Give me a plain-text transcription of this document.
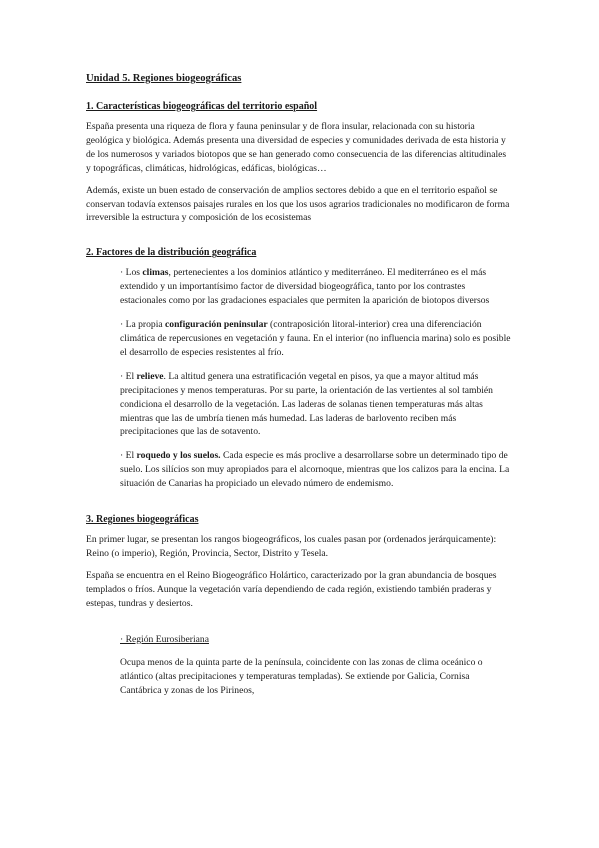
Unidad 5. Regiones biogeográficas
1. Características biogeográficas del territorio español

España presenta una riqueza de flora y fauna peninsular y de flora insular, relacionada con su historia geológica y biológica. Además presenta una diversidad de especies y comunidades derivada de esta historia y de los numerosos y variados biotopos que se han generado como consecuencia de las diferencias altitudinales y topográficas, climáticas, hidrológicas, edáficas, biológicas…

Además, existe un buen estado de conservación de amplios sectores debido a que en el territorio español se conservan todavía extensos paisajes rurales en los que los usos agrarios tradicionales no modificaron de forma irreversible la estructura y composición de los ecosistemas

2. Factores de la distribución geográfica

· Los climas, pertenecientes a los dominios atlántico y mediterráneo. El mediterráneo es el más extendido y un importantísimo factor de diversidad biogeográfica, tanto por los contrastes estacionales como por las gradaciones espaciales que permiten la aparición de biotopos diversos

· La propia configuración peninsular (contraposición litoral-interior) crea una diferenciación climática de repercusiones en vegetación y fauna. En el interior (no influencia marina) solo es posible el desarrollo de especies resistentes al frío.

· El relieve. La altitud genera una estratificación vegetal en pisos, ya que a mayor altitud más precipitaciones y menos temperaturas. Por su parte, la orientación de las vertientes al sol también condiciona el desarrollo de la vegetación. Las laderas de solanas tienen temperaturas más altas mientras que las de umbría tienen más humedad. Las laderas de barlovento reciben más precipitaciones que las de sotavento.

· El roquedo y los suelos. Cada especie es más proclive a desarrollarse sobre un determinado tipo de suelo. Los silícios son muy apropiados para el alcornoque, mientras que los calizos para la encina. La situación de Canarias ha propiciado un elevado número de endemismo.

3. Regiones biogeográficas

En primer lugar, se presentan los rangos biogeográficos, los cuales pasan por (ordenados jerárquicamente): Reino (o imperio), Región, Provincia, Sector, Distrito y Tesela.

España se encuentra en el Reino Biogeográfico Holártico, caracterizado por la gran abundancia de bosques templados o fríos. Aunque la vegetación varía dependiendo de cada región, existiendo también praderas y estepas, tundras y desiertos.

· Región Eurosiberiana

Ocupa menos de la quinta parte de la península, coincidente con las zonas de clima oceánico o atlántico (altas precipitaciones y temperaturas templadas). Se extiende por Galicia, Cornisa Cantábrica y zonas de los Pirineos,
